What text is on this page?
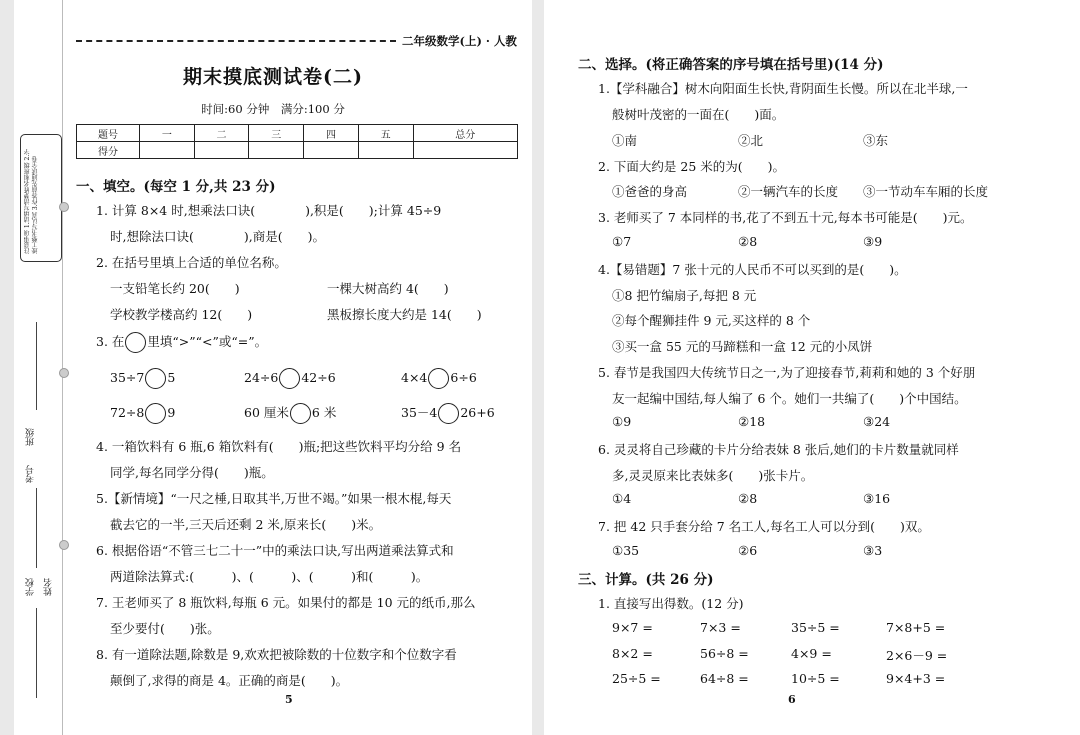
注意事项 1.请填写清楚姓名和班级 2.字迹工整书写认真 3.作答前先通读全卷
班级
考号
学校 姓名
二年级数学(上) · 人教
期末摸底测试卷(二)
时间:60 分钟　满分:100 分
题号	一	二	三	四	五	总分
得分						
一、填空。(每空 1 分,共 23 分)
1. 计算 8×4 时,想乘法口诀(　　　　),积是(　　);计算 45÷9
时,想除法口诀(　　　　),商是(　　)。
2. 在括号里填上合适的单位名称。
一支铅笔长约 20(　　)	一棵大树高约 4(　　)
学校教学楼高约 12(　　)	黑板擦长度大约是 14(　　)
3. 在 里填“>”“<”或“=”。
35÷7 5	24÷6 42÷6	4×4 6÷6
72÷8 9	60 厘米 6 米	35－4 26+6
4. 一箱饮料有 6 瓶,6 箱饮料有(　　)瓶;把这些饮料平均分给 9 名
同学,每名同学分得(　　)瓶。
5.【新情境】“一尺之棰,日取其半,万世不竭。”如果一根木棍,每天
截去它的一半,三天后还剩 2 米,原来长(　　)米。
6. 根据俗语“不管三七二十一”中的乘法口诀,写出两道乘法算式和
两道除法算式:(　　　)、(　　　)、(　　　)和(　　　)。
7. 王老师买了 8 瓶饮料,每瓶 6 元。如果付的都是 10 元的纸币,那么
至少要付(　　)张。
8. 有一道除法题,除数是 9,欢欢把被除数的十位数字和个位数字看
颠倒了,求得的商是 4。正确的商是(　　)。
5
二、选择。(将正确答案的序号填在括号里)(14 分)
1.【学科融合】树木向阳面生长快,背阴面生长慢。所以在北半球,一
般树叶茂密的一面在(　　)面。
①南	②北	③东
2. 下面大约是 25 米的为(　　)。
①爸爸的身高	②一辆汽车的长度 ③一节动车车厢的长度
3. 老师买了 7 本同样的书,花了不到五十元,每本书可能是(　　)元。
①7	②8	③9
4.【易错题】7 张十元的人民币不可以买到的是(　　)。
①8 把竹编扇子,每把 8 元
②每个醒狮挂件 9 元,买这样的 8 个
③买一盒 55 元的马蹄糕和一盒 12 元的小凤饼
5. 春节是我国四大传统节日之一,为了迎接春节,莉莉和她的 3 个好朋
友一起编中国结,每人编了 6 个。她们一共编了(　　)个中国结。
①9	②18	③24
6. 灵灵将自己珍藏的卡片分给表妹 8 张后,她们的卡片数量就同样
多,灵灵原来比表妹多(　　)张卡片。
①4	②8	③16
7. 把 42 只手套分给 7 名工人,每名工人可以分到(　　)双。
①35	②6	③3
三、计算。(共 26 分)
1. 直接写出得数。(12 分)
9×7 =	7×3 =	35÷5 =	7×8+5 =
8×2 =	56÷8 =	4×9 =	2×6－9 =
25÷5 =	64÷8 =	10÷5 =	9×4+3 =
6
